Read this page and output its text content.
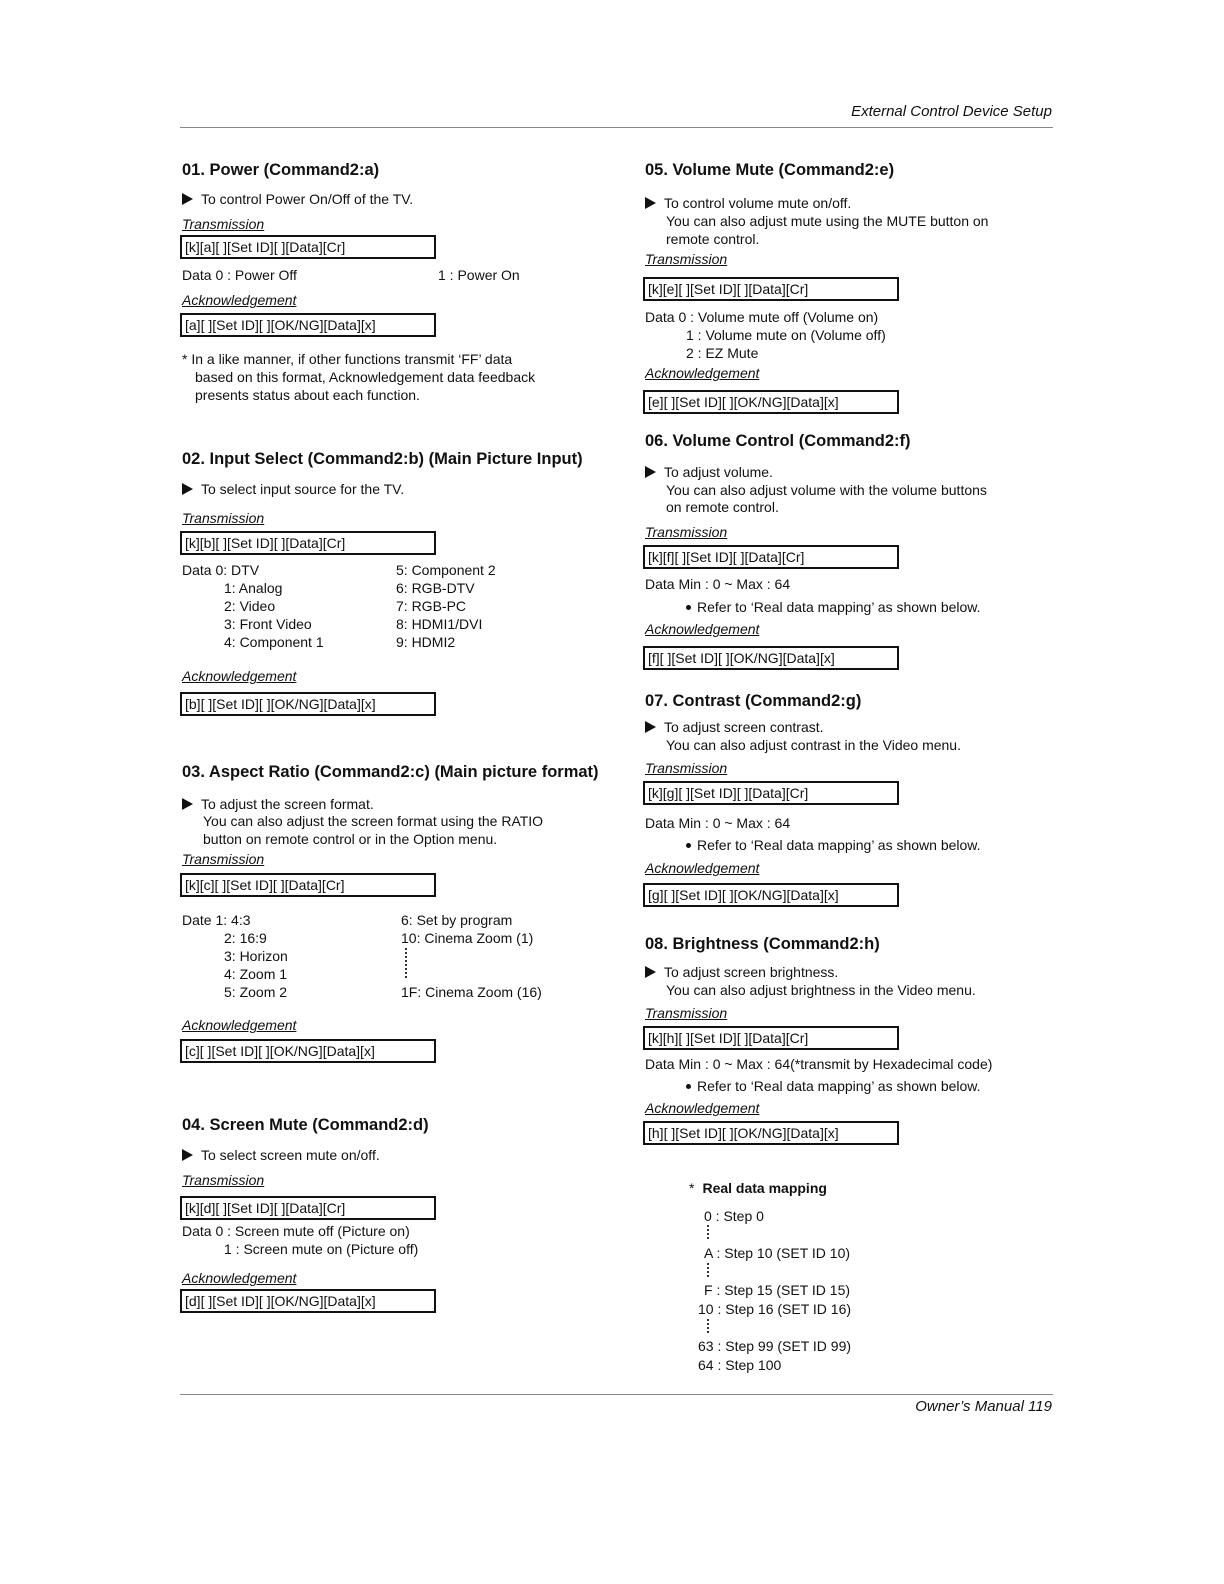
External Control Device Setup
Owner’s Manual 119
01. Power (Command2:a)
To control Power On/Off of the TV.
Transmission
[k][a][ ][Set ID][ ][Data][Cr]
Data 0 : Power Off	1 : Power On
Acknowledgement
[a][ ][Set ID][ ][OK/NG][Data][x]
* In a like manner, if other functions transmit ‘FF’ data
based on this format, Acknowledgement data feedback
presents status about each function.
02. Input Select (Command2:b) (Main Picture Input)
To select input source for the TV.
Transmission
[k][b][ ][Set ID][ ][Data][Cr]
Data 0: DTV
1: Analog
2: Video
3: Front Video
4: Component 1
5: Component 2
6: RGB-DTV
7: RGB-PC
8: HDMI1/DVI
9: HDMI2
Acknowledgement
[b][ ][Set ID][ ][OK/NG][Data][x]
03. Aspect Ratio (Command2:c) (Main picture format)
To adjust the screen format.
You can also adjust the screen format using the RATIO
button on remote control or in the Option menu.
Transmission
[k][c][ ][Set ID][ ][Data][Cr]
Date 1: 4:3
2: 16:9
3: Horizon
4: Zoom 1
5: Zoom 2
6: Set by program
10: Cinema Zoom (1)
1F: Cinema Zoom (16)
Acknowledgement
[c][ ][Set ID][ ][OK/NG][Data][x]
04. Screen Mute (Command2:d)
To select screen mute on/off.
Transmission
[k][d][ ][Set ID][ ][Data][Cr]
Data 0 : Screen mute off (Picture on)
1 : Screen mute on (Picture off)
Acknowledgement
[d][ ][Set ID][ ][OK/NG][Data][x]
05. Volume Mute (Command2:e)
To control volume mute on/off.
You can also adjust mute using the MUTE button on
remote control.
Transmission
[k][e][ ][Set ID][ ][Data][Cr]
Data 0 : Volume mute off (Volume on)
1 : Volume mute on (Volume off)
2 : EZ Mute
Acknowledgement
[e][ ][Set ID][ ][OK/NG][Data][x]
06. Volume Control (Command2:f)
To adjust volume.
You can also adjust volume with the volume buttons
on remote control.
Transmission
[k][f][ ][Set ID][ ][Data][Cr]
Data Min : 0 ~ Max : 64
Refer to ‘Real data mapping’ as shown below.
Acknowledgement
[f][ ][Set ID][ ][OK/NG][Data][x]
07. Contrast (Command2:g)
To adjust screen contrast.
You can also adjust contrast in the Video menu.
Transmission
[k][g][ ][Set ID][ ][Data][Cr]
Data Min : 0 ~ Max : 64
Refer to ‘Real data mapping’ as shown below.
Acknowledgement
[g][ ][Set ID][ ][OK/NG][Data][x]
08. Brightness (Command2:h)
To adjust screen brightness.
You can also adjust brightness in the Video menu.
Transmission
[k][h][ ][Set ID][ ][Data][Cr]
Data Min : 0 ~ Max : 64(*transmit by Hexadecimal code)
Refer to ‘Real data mapping’ as shown below.
Acknowledgement
[h][ ][Set ID][ ][OK/NG][Data][x]
* Real data mapping
0 : Step 0
A : Step 10 (SET ID 10)
F : Step 15 (SET ID 15)
10 : Step 16 (SET ID 16)
63 : Step 99 (SET ID 99)
64 : Step 100
